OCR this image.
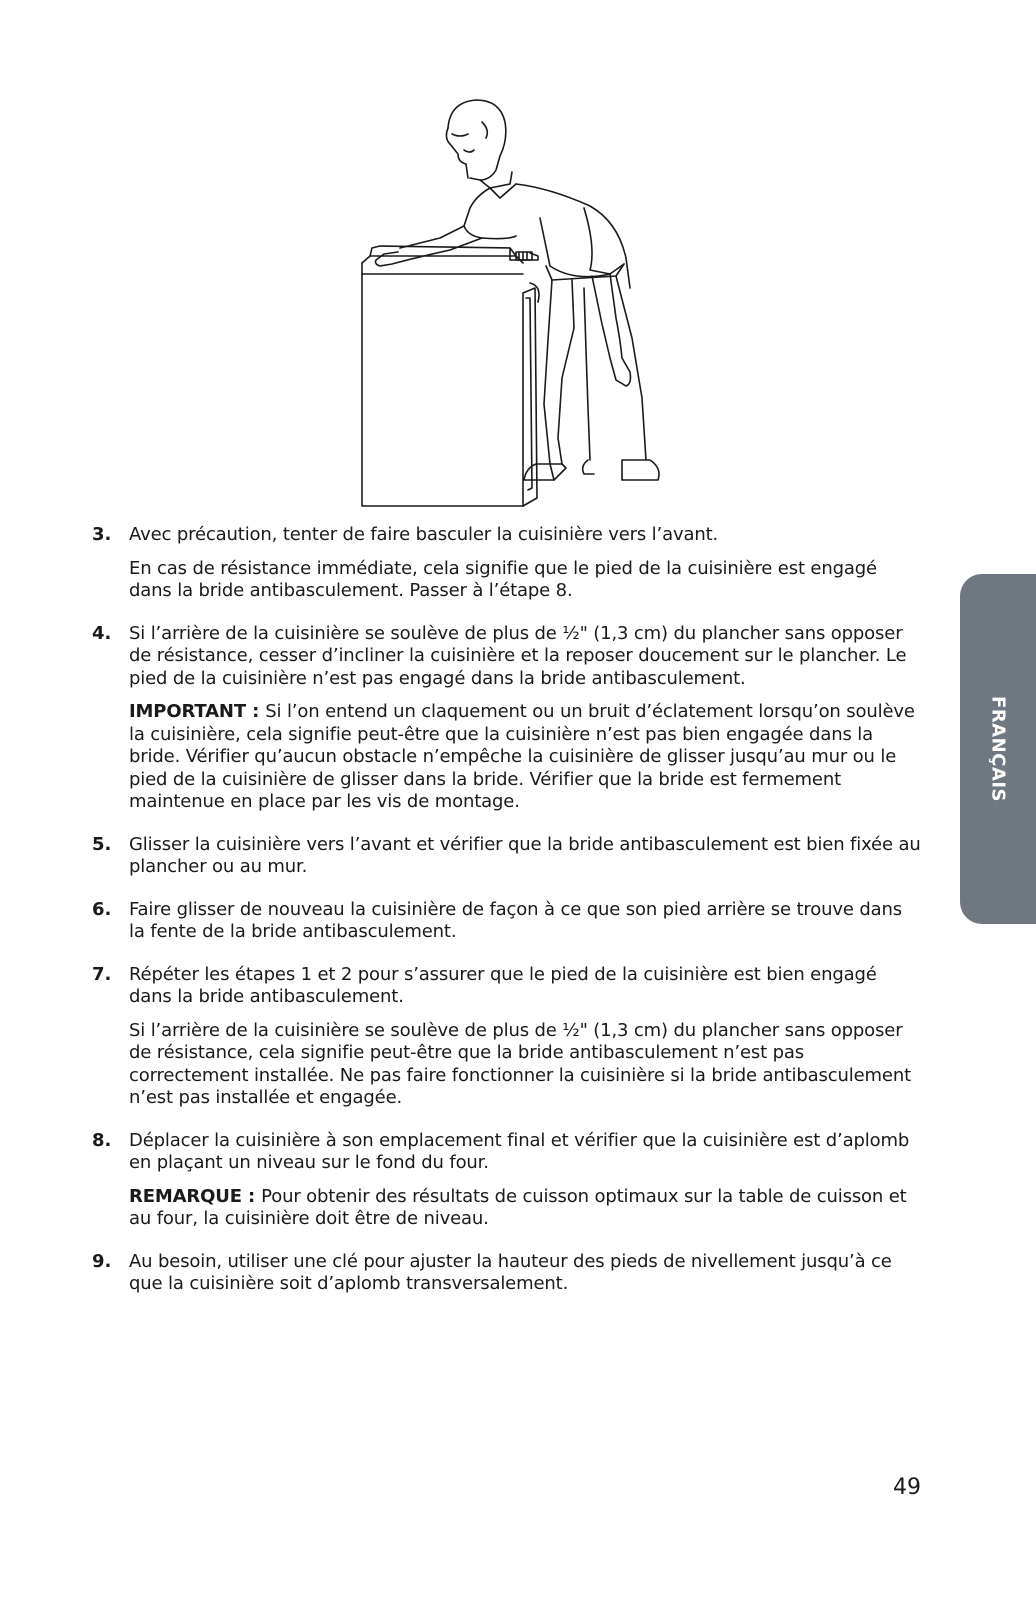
3. Avec précaution, tenter de faire basculer la cuisinière vers l’avant.

En cas de résistance immédiate, cela signifie que le pied de la cuisinière est engagé dans la bride antibasculement. Passer à l’étape 8.

4. Si l’arrière de la cuisinière se soulève de plus de ½" (1,3 cm) du plancher sans opposer de résistance, cesser d’incliner la cuisinière et la reposer doucement sur le plancher. Le pied de la cuisinière n’est pas engagé dans la bride antibasculement.

IMPORTANT : Si l’on entend un claquement ou un bruit d’éclatement lorsqu’on soulève la cuisinière, cela signifie peut-être que la cuisinière n’est pas bien engagée dans la bride. Vérifier qu’aucun obstacle n’empêche la cuisinière de glisser jusqu’au mur ou le pied de la cuisinière de glisser dans la bride. Vérifier que la bride est fermement maintenue en place par les vis de montage.

5. Glisser la cuisinière vers l’avant et vérifier que la bride antibasculement est bien fixée au plancher ou au mur.

6. Faire glisser de nouveau la cuisinière de façon à ce que son pied arrière se trouve dans la fente de la bride antibasculement.

7. Répéter les étapes 1 et 2 pour s’assurer que le pied de la cuisinière est bien engagé dans la bride antibasculement.

Si l’arrière de la cuisinière se soulève de plus de ½" (1,3 cm) du plancher sans opposer de résistance, cela signifie peut-être que la bride antibasculement n’est pas correctement installée. Ne pas faire fonctionner la cuisinière si la bride antibasculement n’est pas installée et engagée.

8. Déplacer la cuisinière à son emplacement final et vérifier que la cuisinière est d’aplomb en plaçant un niveau sur le fond du four.

REMARQUE : Pour obtenir des résultats de cuisson optimaux sur la table de cuisson et au four, la cuisinière doit être de niveau.

9. Au besoin, utiliser une clé pour ajuster la hauteur des pieds de nivellement jusqu’à ce que la cuisinière soit d’aplomb transversalement.

FRANÇAIS
49
